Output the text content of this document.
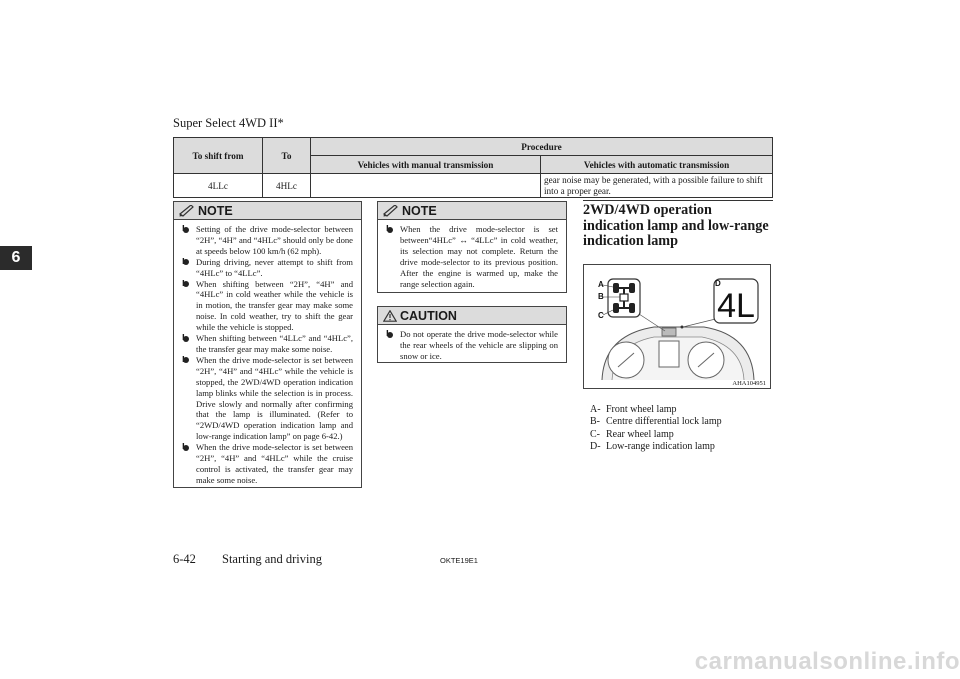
Super Select 4WD II*
6
To shift from	To	Procedure	
		Vehicles with manual transmission	Vehicles with automatic transmission
4LLc	4HLc		gear noise may be generated, with a possible failure to shift into a proper gear.
NOTE
l Setting of the drive mode-selector between “2H”, “4H” and “4HLc” should only be done at speeds below 100 km/h (62 mph).
l During driving, never attempt to shift from “4HLc” to “4LLc”.
l When shifting between “2H”, “4H” and “4HLc” in cold weather while the vehicle is in motion, the transfer gear may make some noise. In cold weather, try to shift the gear while the vehicle is stopped.
l When shifting between “4LLc” and “4HLc”, the transfer gear may make some noise.
l When the drive mode-selector is set between “2H”, “4H” and “4HLc” while the vehicle is stopped, the 2WD/4WD operation indication lamp blinks while the selection is in process. Drive slowly and normally after confirming that the lamp is illuminated. (Refer to “2WD/4WD operation indication lamp and low-range indication lamp” on page 6-42.)
l When the drive mode-selector is set between “2H”, “4H” and “4HLc” while the cruise control is activated, the transfer gear may make some noise.
NOTE
l When the drive mode-selector is set between“4HLc” ↔ “4LLc” in cold weather, its selection may not complete. Return the drive mode-selector to its previous position. After the engine is warmed up, make the range selection again.
CAUTION
l Do not operate the drive mode-selector while the rear wheels of the vehicle are slipping on snow or ice.
2WD/4WD operation indication lamp and low-range indication lamp
4L
A
B
C
D
AHA104951
A- Front wheel lamp
B- Centre differential lock lamp
C- Rear wheel lamp
D- Low-range indication lamp
6-42 Starting and driving	OKTE19E1
carmanualsonline.info
